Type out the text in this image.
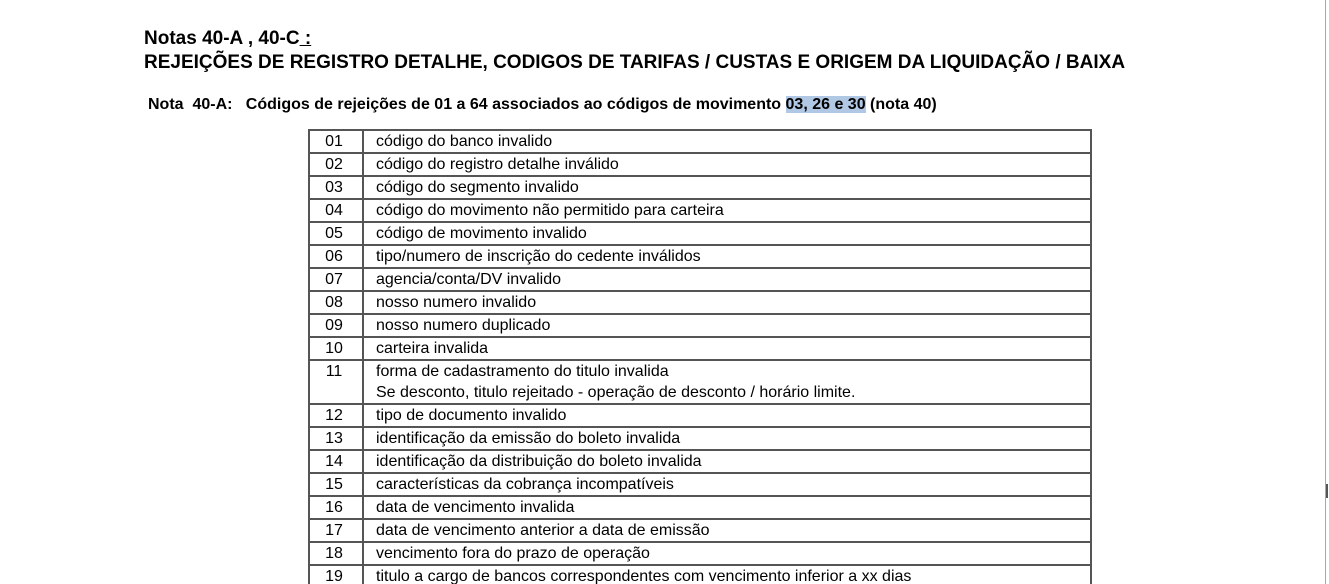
Notas 40-A , 40-C :
REJEIÇÕES DE REGISTRO DETALHE, CODIGOS DE TARIFAS / CUSTAS E ORIGEM DA LIQUIDAÇÃO / BAIXA
Nota  40-A:   Códigos de rejeições de 01 a 64 associados ao códigos de movimento 03, 26 e 30 (nota 40)
01	código do banco invalido
02	código do registro detalhe inválido
03	código do segmento invalido
04	código do movimento não permitido para carteira
05	código de movimento invalido
06	tipo/numero de inscrição do cedente inválidos
07	agencia/conta/DV invalido
08	nosso numero invalido
09	nosso numero duplicado
10	carteira invalida
11	forma de cadastramento do titulo invalida
Se desconto, titulo rejeitado - operação de desconto / horário limite.

12	tipo de documento invalido
13	identificação da emissão do boleto invalida
14	identificação da distribuição do boleto invalida
15	características da cobrança incompatíveis
16	data de vencimento invalida
17	data de vencimento anterior a data de emissão
18	vencimento fora do prazo de operação
19	titulo a cargo de bancos correspondentes com vencimento inferior a xx dias
